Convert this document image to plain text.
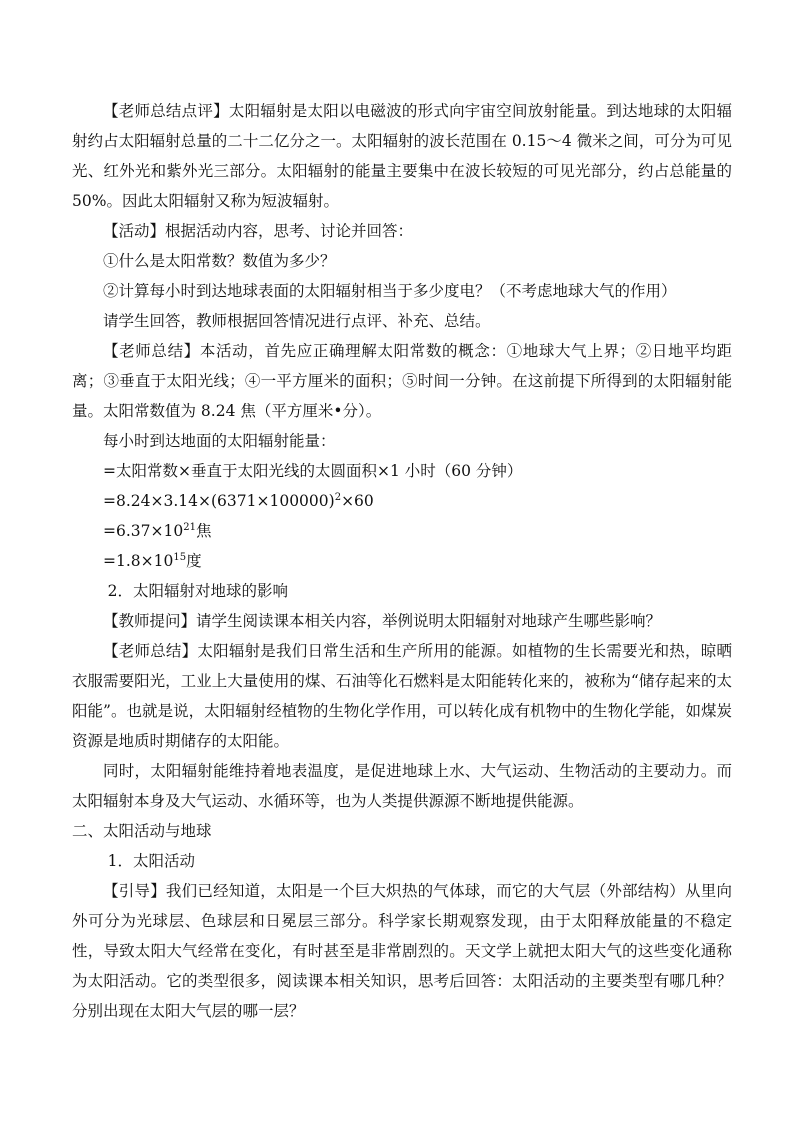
【老师总结点评】太阳辐射是太阳以电磁波的形式向宇宙空间放射能量。到达地球的太阳辐射约占太阳辐射总量的二十二亿分之一。太阳辐射的波长范围在 0.15～4 微米之间，可分为可见光、红外光和紫外光三部分。太阳辐射的能量主要集中在波长较短的可见光部分，约占总能量的 50%。因此太阳辐射又称为短波辐射。

【活动】根据活动内容，思考、讨论并回答：

①什么是太阳常数？数值为多少？

②计算每小时到达地球表面的太阳辐射相当于多少度电？（不考虑地球大气的作用）

请学生回答，教师根据回答情况进行点评、补充、总结。

【老师总结】本活动，首先应正确理解太阳常数的概念：①地球大气上界；②日地平均距离；③垂直于太阳光线；④一平方厘米的面积；⑤时间一分钟。在这前提下所得到的太阳辐射能量。太阳常数值为 8.24 焦（平方厘米•分）。

每小时到达地面的太阳辐射能量：

=太阳常数×垂直于太阳光线的太圆面积×1 小时（60 分钟）

$=8.24\times 3.14\times(6371\times 100000)^2\times 60$

$=6.37\times 10^{21}$焦

$=1.8\times 10^{15}$度

2．太阳辐射对地球的影响

【教师提问】请学生阅读课本相关内容，举例说明太阳辐射对地球产生哪些影响？

【老师总结】太阳辐射是我们日常生活和生产所用的能源。如植物的生长需要光和热，晾晒衣服需要阳光，工业上大量使用的煤、石油等化石燃料是太阳能转化来的，被称为“储存起来的太阳能”。也就是说，太阳辐射经植物的生物化学作用，可以转化成有机物中的生物化学能，如煤炭资源是地质时期储存的太阳能。

同时，太阳辐射能维持着地表温度，是促进地球上水、大气运动、生物活动的主要动力。而太阳辐射本身及大气运动、水循环等，也为人类提供源源不断地提供能源。

二、太阳活动与地球

1．太阳活动

【引导】我们已经知道，太阳是一个巨大炽热的气体球，而它的大气层（外部结构）从里向外可分为光球层、色球层和日冕层三部分。科学家长期观察发现，由于太阳释放能量的不稳定性，导致太阳大气经常在变化，有时甚至是非常剧烈的。天文学上就把太阳大气的这些变化通称为太阳活动。它的类型很多，阅读课本相关知识，思考后回答：太阳活动的主要类型有哪几种？分别出现在太阳大气层的哪一层？
